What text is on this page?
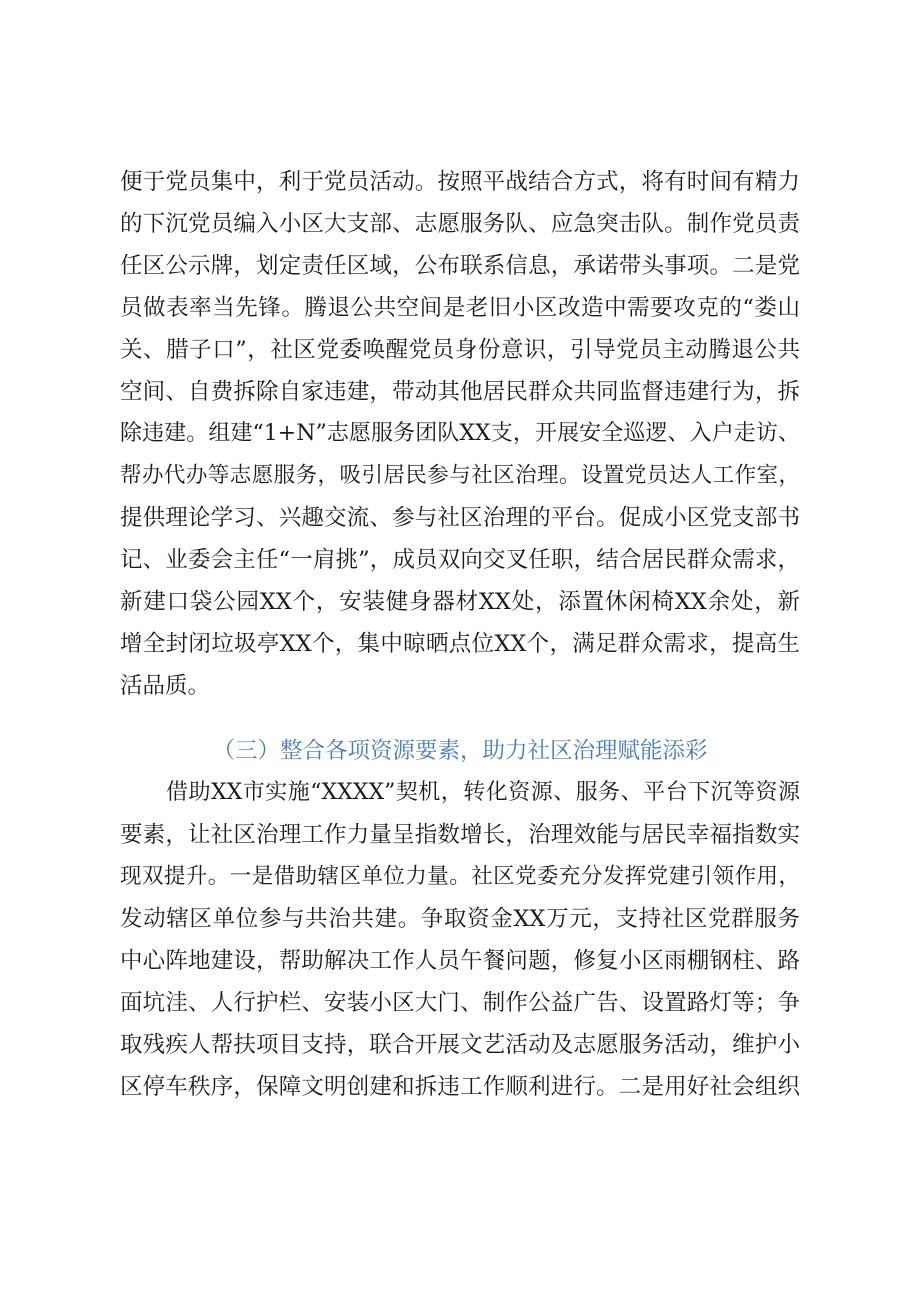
便于党员集中，利于党员活动。按照平战结合方式，将有时间有精力
的下沉党员编入小区大支部、志愿服务队、应急突击队。制作党员责
任区公示牌，划定责任区域，公布联系信息，承诺带头事项。二是党
员做表率当先锋。腾退公共空间是老旧小区改造中需要攻克的“娄山
关、腊子口”，社区党委唤醒党员身份意识，引导党员主动腾退公共
空间、自费拆除自家违建，带动其他居民群众共同监督违建行为，拆
除违建。组建“1+N”志愿服务团队XX支，开展安全巡逻、入户走访、
帮办代办等志愿服务，吸引居民参与社区治理。设置党员达人工作室，
提供理论学习、兴趣交流、参与社区治理的平台。促成小区党支部书
记、业委会主任“一肩挑”，成员双向交叉任职，结合居民群众需求，
新建口袋公园XX个，安装健身器材XX处，添置休闲椅XX余处，新
增全封闭垃圾亭XX个，集中晾晒点位XX个，满足群众需求，提高生
活品质。
（三）整合各项资源要素，助力社区治理赋能添彩
借助XX市实施“XXXX”契机，转化资源、服务、平台下沉等资源
要素，让社区治理工作力量呈指数增长，治理效能与居民幸福指数实
现双提升。一是借助辖区单位力量。社区党委充分发挥党建引领作用，
发动辖区单位参与共治共建。争取资金XX万元，支持社区党群服务
中心阵地建设，帮助解决工作人员午餐问题，修复小区雨棚钢柱、路
面坑洼、人行护栏、安装小区大门、制作公益广告、设置路灯等；争
取残疾人帮扶项目支持，联合开展文艺活动及志愿服务活动，维护小
区停车秩序，保障文明创建和拆违工作顺利进行。二是用好社会组织
